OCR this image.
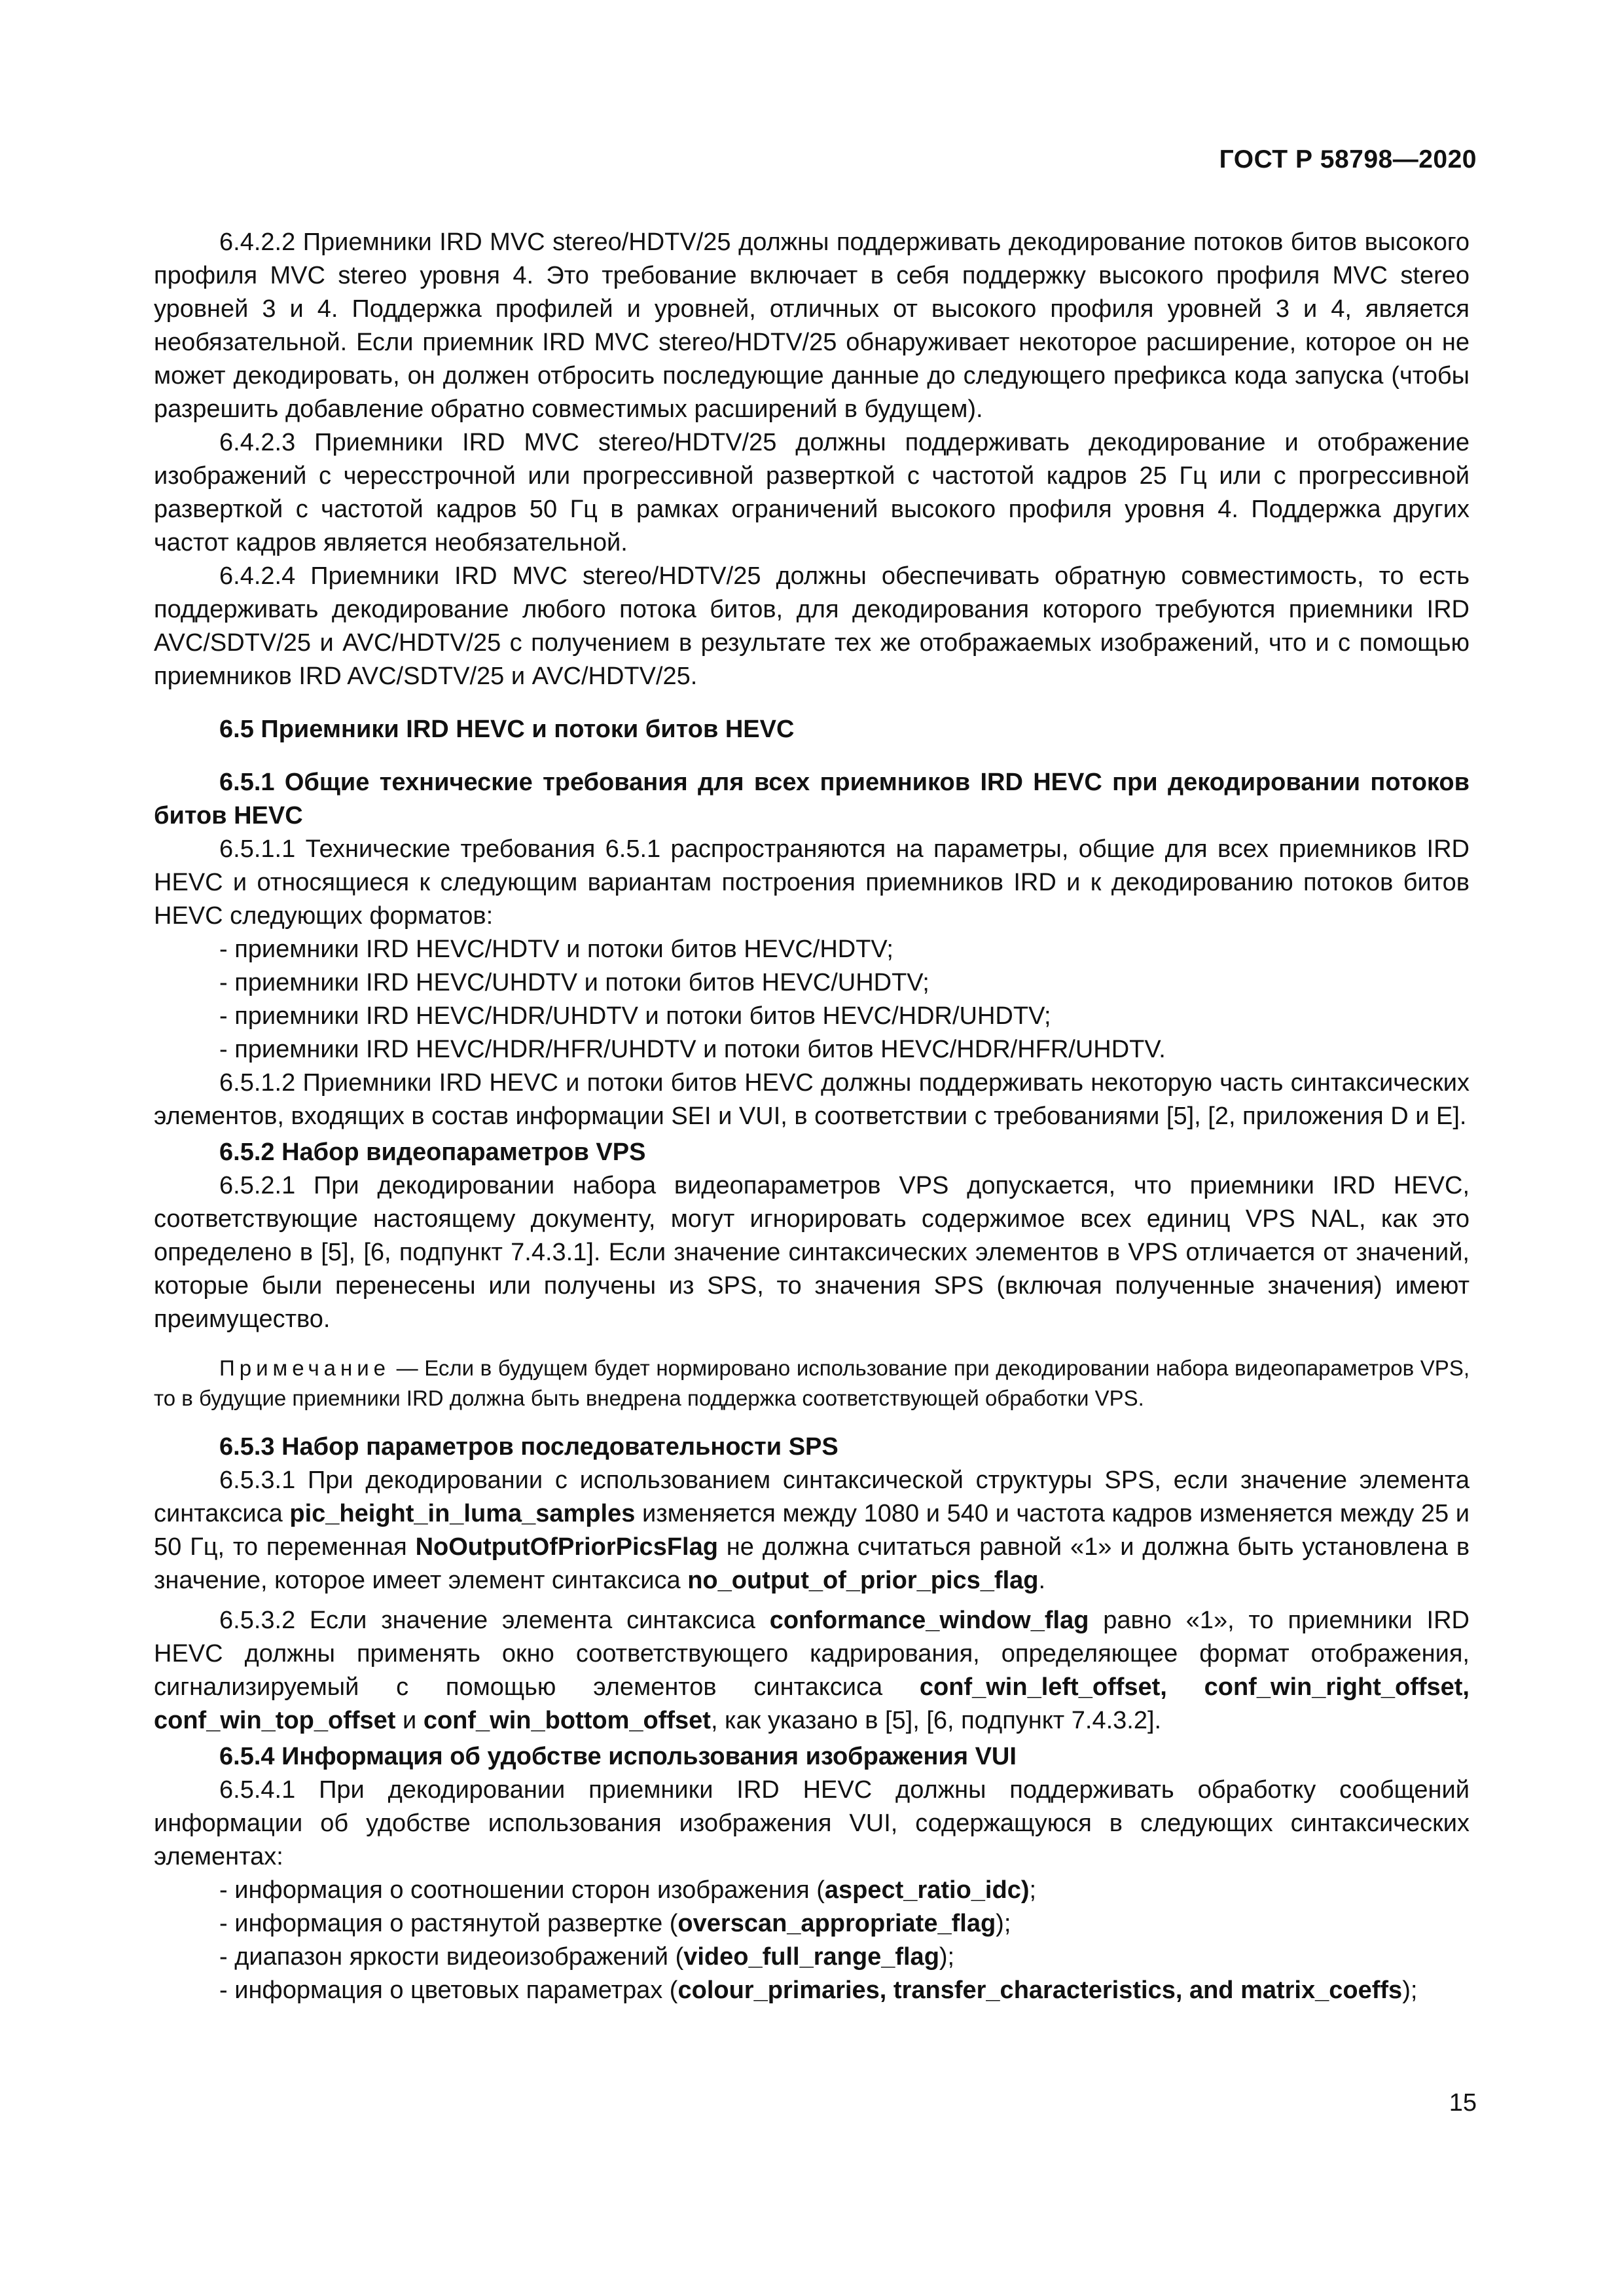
ГОСТ Р 58798—2020

6.4.2.2 Приемники IRD MVC stereo/HDTV/25 должны поддерживать декодирование потоков битов высокого профиля MVC stereo уровня 4. Это требование включает в себя поддержку высокого профиля MVC stereo уровней 3 и 4. Поддержка профилей и уровней, отличных от высокого профиля уровней 3 и 4, является необязательной. Если приемник IRD MVC stereo/HDTV/25 обнаруживает некоторое расширение, которое он не может декодировать, он должен отбросить последующие данные до следующего префикса кода запуска (чтобы разрешить добавление обратно совместимых расширений в будущем).

6.4.2.3 Приемники IRD MVC stereo/HDTV/25 должны поддерживать декодирование и отображение изображений с чересстрочной или прогрессивной разверткой с частотой кадров 25 Гц или с прогрессивной разверткой с частотой кадров 50 Гц в рамках ограничений высокого профиля уровня 4. Поддержка других частот кадров является необязательной.

6.4.2.4 Приемники IRD MVC stereo/HDTV/25 должны обеспечивать обратную совместимость, то есть поддерживать декодирование любого потока битов, для декодирования которого требуются приемники IRD AVC/SDTV/25 и AVC/HDTV/25 с получением в результате тех же отображаемых изображений, что и с помощью приемников IRD AVC/SDTV/25 и AVC/HDTV/25.

6.5 Приемники IRD HEVC и потоки битов HEVC

6.5.1 Общие технические требования для всех приемников IRD HEVC при декодировании потоков битов HEVC

6.5.1.1 Технические требования 6.5.1 распространяются на параметры, общие для всех приемников IRD HEVC и относящиеся к следующим вариантам построения приемников IRD и к декодированию потоков битов HEVC следующих форматов:

- приемники IRD HEVC/HDTV и потоки битов HEVC/HDTV;

- приемники IRD HEVC/UHDTV и потоки битов HEVC/UHDTV;

- приемники IRD HEVC/HDR/UHDTV и потоки битов HEVC/HDR/UHDTV;

- приемники IRD HEVC/HDR/HFR/UHDTV и потоки битов HEVC/HDR/HFR/UHDTV.

6.5.1.2 Приемники IRD HEVC и потоки битов HEVC должны поддерживать некоторую часть синтаксических элементов, входящих в состав информации SEI и VUI, в соответствии с требованиями [5], [2, приложения D и E].

6.5.2 Набор видеопараметров VPS

6.5.2.1 При декодировании набора видеопараметров VPS допускается, что приемники IRD HEVC, соответствующие настоящему документу, могут игнорировать содержимое всех единиц VPS NAL, как это определено в [5], [6, подпункт 7.4.3.1]. Если значение синтаксических элементов в VPS отличается от значений, которые были перенесены или получены из SPS, то значения SPS (включая полученные значения) имеют преимущество.

Примечание — Если в будущем будет нормировано использование при декодировании набора видеопараметров VPS, то в будущие приемники IRD должна быть внедрена поддержка соответствующей обработки VPS.

6.5.3 Набор параметров последовательности SPS

6.5.3.1 При декодировании с использованием синтаксической структуры SPS, если значение элемента синтаксиса pic_height_in_luma_samples изменяется между 1080 и 540 и частота кадров изменяется между 25 и 50 Гц, то переменная NoOutputOfPriorPicsFlag не должна считаться равной «1» и должна быть установлена в значение, которое имеет элемент синтаксиса no_output_of_prior_pics_flag.

6.5.3.2 Если значение элемента синтаксиса conformance_window_flag равно «1», то приемники IRD HEVC должны применять окно соответствующего кадрирования, определяющее формат отображения, сигнализируемый с помощью элементов синтаксиса conf_win_left_offset, conf_win_right_offset, conf_win_top_offset и conf_win_bottom_offset, как указано в [5], [6, подпункт 7.4.3.2].

6.5.4 Информация об удобстве использования изображения VUI

6.5.4.1 При декодировании приемники IRD HEVC должны поддерживать обработку сообщений информации об удобстве использования изображения VUI, содержащуюся в следующих синтаксических элементах:

- информация о соотношении сторон изображения (aspect_ratio_idc);

- информация о растянутой развертке (overscan_appropriate_flag);

- диапазон яркости видеоизображений (video_full_range_flag);

- информация о цветовых параметрах (colour_primaries, transfer_characteristics, and matrix_coeffs);

15
